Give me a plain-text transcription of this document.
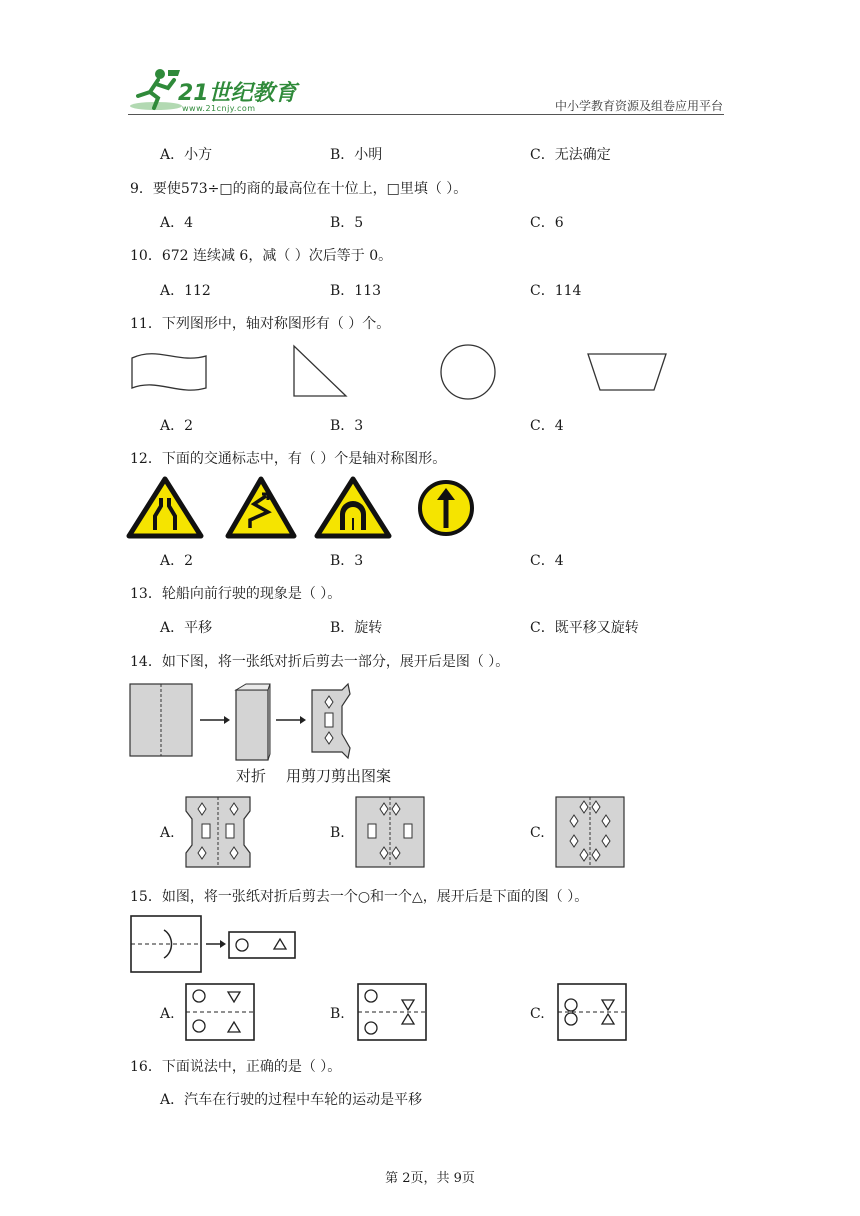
21世纪教育
www.21cnjy.com	中小学教育资源及组卷应用平台
A．小方	B．小明	C．无法确定
9．要使573÷□的商的最高位在十位上，□里填（ ）。
A．4	B．5	C．6
10．672 连续减 6，减（ ）次后等于 0。
A．112	B．113	C．114
11．下列图形中，轴对称图形有（ ）个。
A．2	B．3	C．4
12．下面的交通标志中，有（ ）个是轴对称图形。
A．2	B．3	C．4
13．轮船向前行驶的现象是（ ）。
A．平移	B．旋转	C．既平移又旋转
14．如下图，将一张纸对折后剪去一部分，展开后是图（ ）。
对折 用剪刀剪出图案
A.	B.	C.
15．如图，将一张纸对折后剪去一个○和一个△，展开后是下面的图（ ）。
A.	B.	C.
16．下面说法中，正确的是（ ）。
A．汽车在行驶的过程中车轮的运动是平移
第 2页，共 9页
